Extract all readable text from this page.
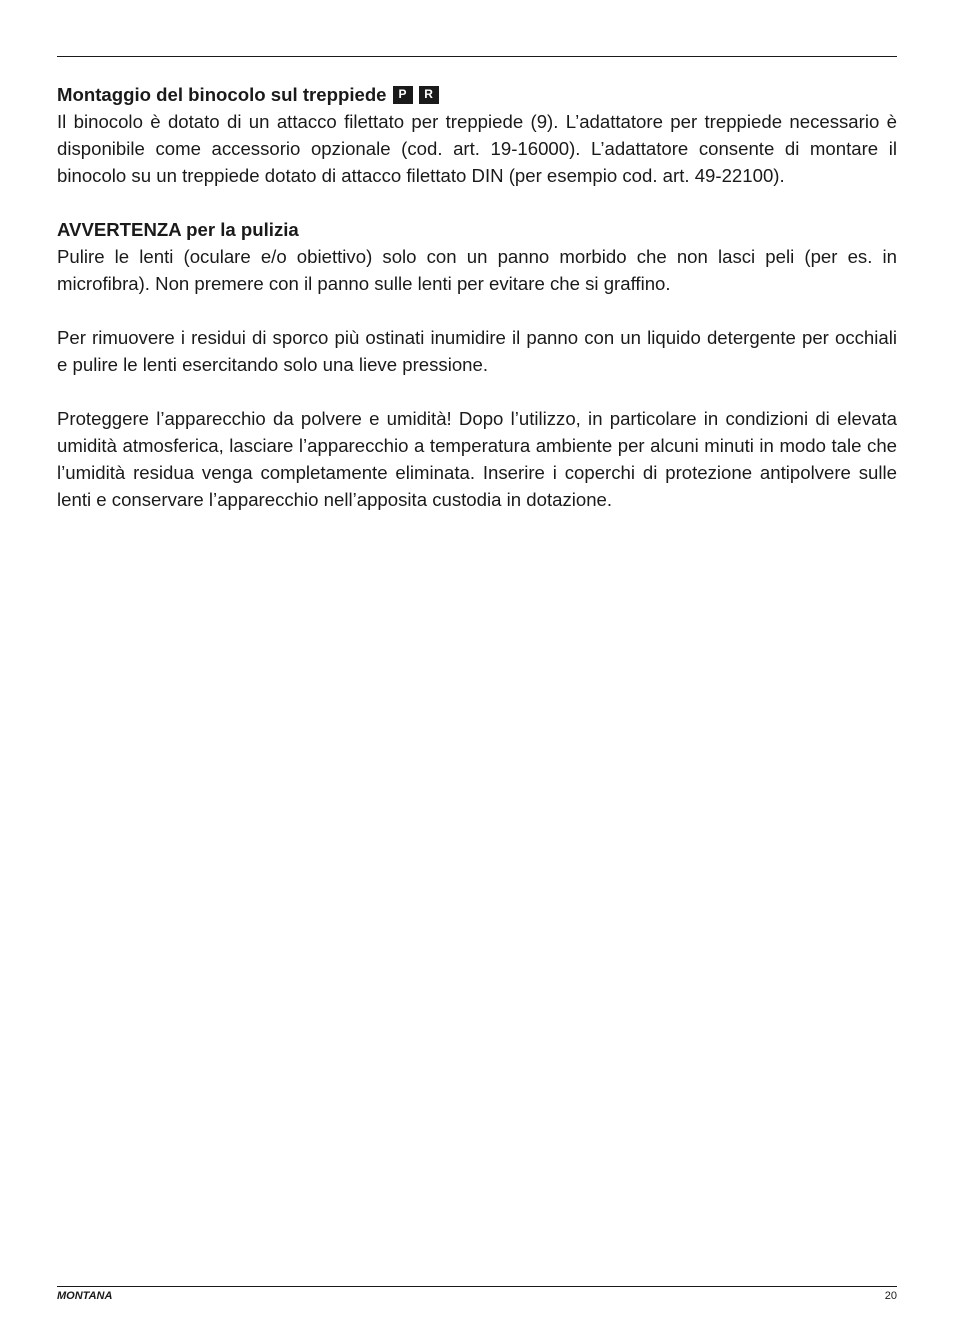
Montaggio del binocolo sul treppiede P	R

Il binocolo è dotato di un attacco filettato per treppiede (9). L’adattatore per treppiede necessario è disponibile come accessorio opzionale (cod. art. 19-16000). L’adattatore consente di montare il binocolo su un treppiede dotato di attacco filettato DIN (per esempio cod. art. 49-22100).

AVVERTENZA per la pulizia

Pulire le lenti (oculare e/o obiettivo) solo con un panno morbido che non lasci peli (per es. in microfibra). Non premere con il panno sulle lenti per evitare che si graffino.

Per rimuovere i residui di sporco più ostinati inumidire il panno con un liquido detergente per occhiali e pulire le lenti esercitando solo una lieve pressione.

Proteggere l’apparecchio da polvere e umidità! Dopo l’utilizzo, in particolare in condizioni di elevata umidità atmosferica, lasciare l’apparecchio a temperatura ambiente per alcuni minuti in modo tale che l’umidità residua venga completamente eliminata. Inserire i coperchi di protezione antipolvere sulle lenti e conservare l’apparecchio nell’apposita custodia in dotazione.

MONTANA	20
